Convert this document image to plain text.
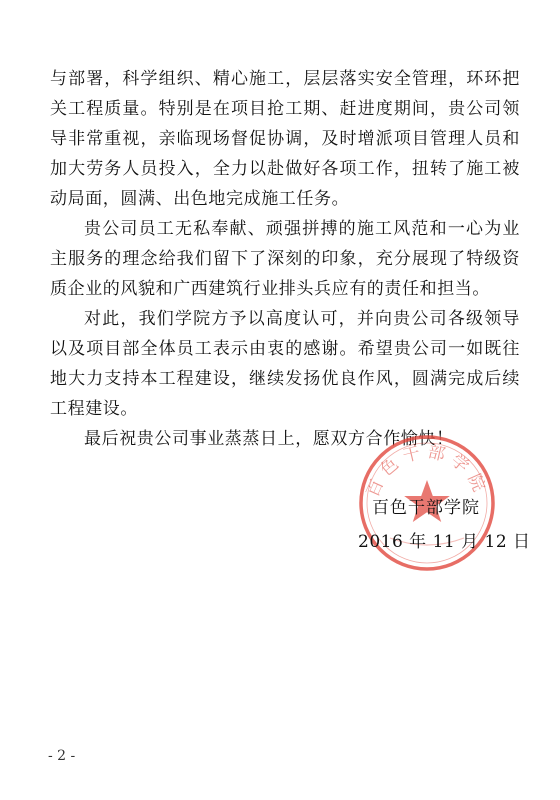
与部署，科学组织、精心施工，层层落实安全管理，环环把关工程质量。特别是在项目抢工期、赶进度期间，贵公司领导非常重视，亲临现场督促协调，及时增派项目管理人员和加大劳务人员投入，全力以赴做好各项工作，扭转了施工被动局面，圆满、出色地完成施工任务。

贵公司员工无私奉献、顽强拼搏的施工风范和一心为业主服务的理念给我们留下了深刻的印象，充分展现了特级资质企业的风貌和广西建筑行业排头兵应有的责任和担当。

对此，我们学院方予以高度认可，并向贵公司各级领导以及项目部全体员工表示由衷的感谢。希望贵公司一如既往地大力支持本工程建设，继续发扬优良作风，圆满完成后续工程建设。

最后祝贵公司事业蒸蒸日上，愿双方合作愉快！

百色干部学院
百色干部学院
2016 年 11 月 12 日
- 2 -
